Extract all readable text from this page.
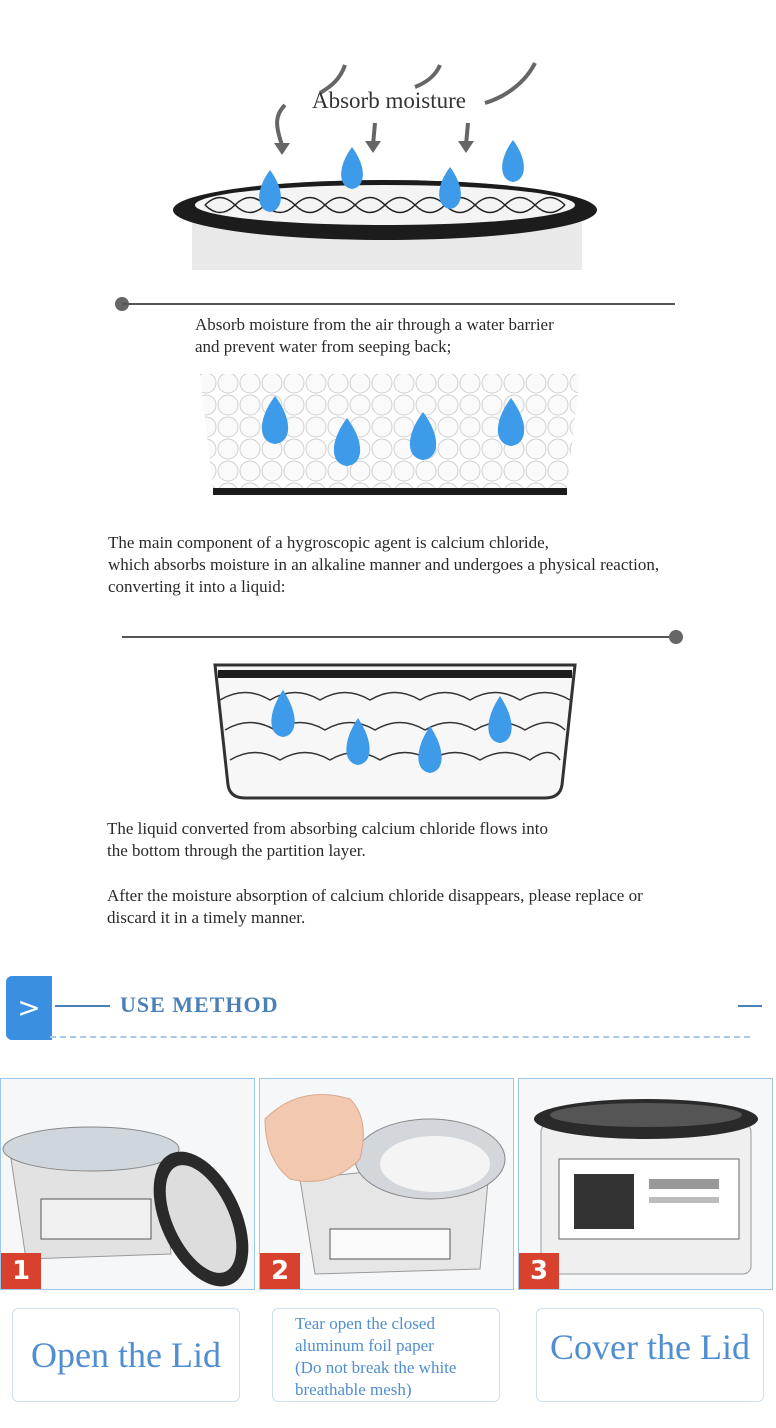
Absorb moisture
Absorb moisture from the air through a water barrier
and prevent water from seeping back;
The main component of a hygroscopic agent is calcium chloride,
which absorbs moisture in an alkaline manner and undergoes a physical reaction,
converting it into a liquid:
The liquid converted from absorbing calcium chloride flows into
the bottom through the partition layer.
After the moisture absorption of calcium chloride disappears, please replace or
discard it in a timely manner.
>	USE METHOD
1	2	3
Open the Lid
Tear open the closed
aluminum foil paper
(Do not break the white
breathable mesh)
Cover the Lid
